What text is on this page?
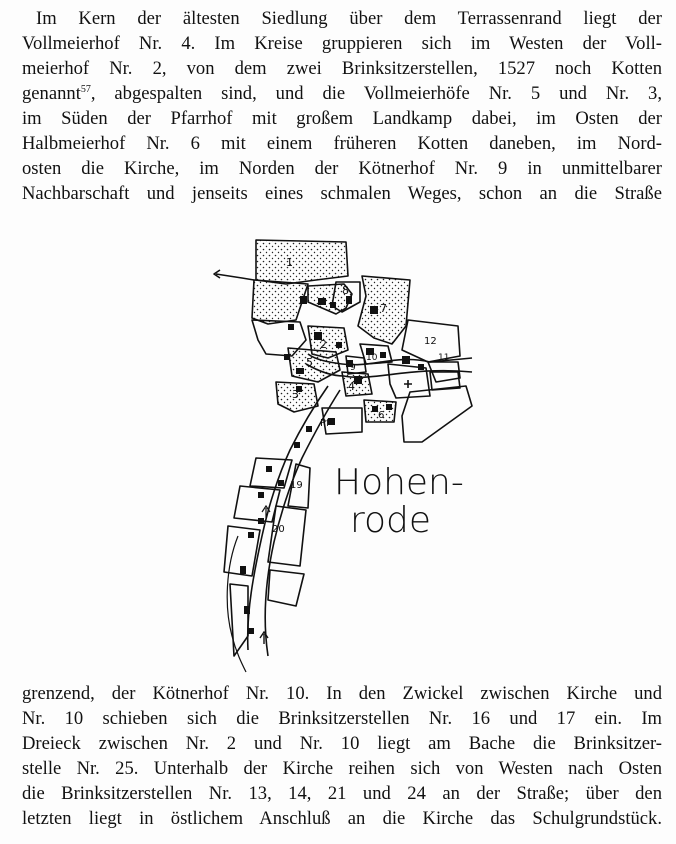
Im Kern der ältesten Siedlung über dem Terrassenrand liegt der
Vollmeierhof Nr. 4. Im Kreise gruppieren sich im Westen der Voll-
meierhof Nr. 2, von dem zwei Brinksitzerstellen, 1527 noch Kotten
genannt$^{57}$, abgespalten sind, und die Vollmeierhöfe Nr. 5 und Nr. 3,
im Süden der Pfarrhof mit großem Landkamp dabei, im Osten der
Halbmeierhof Nr. 6 mit einem früheren Kotten daneben, im Nord-
osten die Kirche, im Norden der Kötnerhof Nr. 9 in unmittelbarer
Nachbarschaft und jenseits eines schmalen Weges, schon an die Straße
1
8
2
7
12
11
5	10
9
4
3
6
Pf
19
20
Hohen-
rode
grenzend, der Kötnerhof Nr. 10. In den Zwickel zwischen Kirche und
Nr. 10 schieben sich die Brinksitzerstellen Nr. 16 und 17 ein. Im
Dreieck zwischen Nr. 2 und Nr. 10 liegt am Bache die Brinksitzer-
stelle Nr. 25. Unterhalb der Kirche reihen sich von Westen nach Osten
die Brinksitzerstellen Nr. 13, 14, 21 und 24 an der Straße; über den
letzten liegt in östlichem Anschluß an die Kirche das Schulgrundstück.
